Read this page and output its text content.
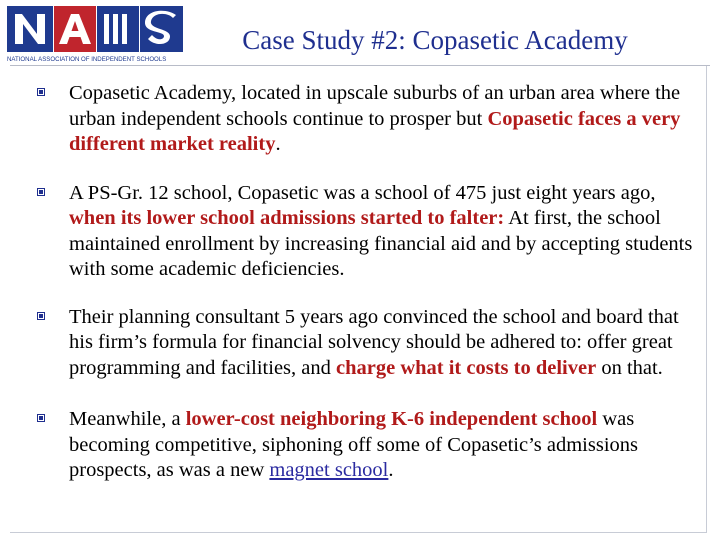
NATIONAL ASSOCIATION OF INDEPENDENT SCHOOLS
Case Study #2: Copasetic Academy
Copasetic Academy, located in upscale suburbs of an urban area where the urban independent schools continue to prosper but Copasetic faces a very different market reality.
A PS-Gr. 12 school, Copasetic was a school of 475 just eight years ago, when its lower school admissions started to falter: At first, the school maintained enrollment by increasing financial aid and by accepting students with some academic deficiencies.
Their planning consultant 5 years ago convinced the school and board that his firm’s formula for financial solvency should be adhered to: offer great programming and facilities, and charge what it costs to deliver on that.
Meanwhile, a lower-cost neighboring K-6 independent school was becoming competitive, siphoning off some of Copasetic’s admissions prospects, as was a new magnet school.
